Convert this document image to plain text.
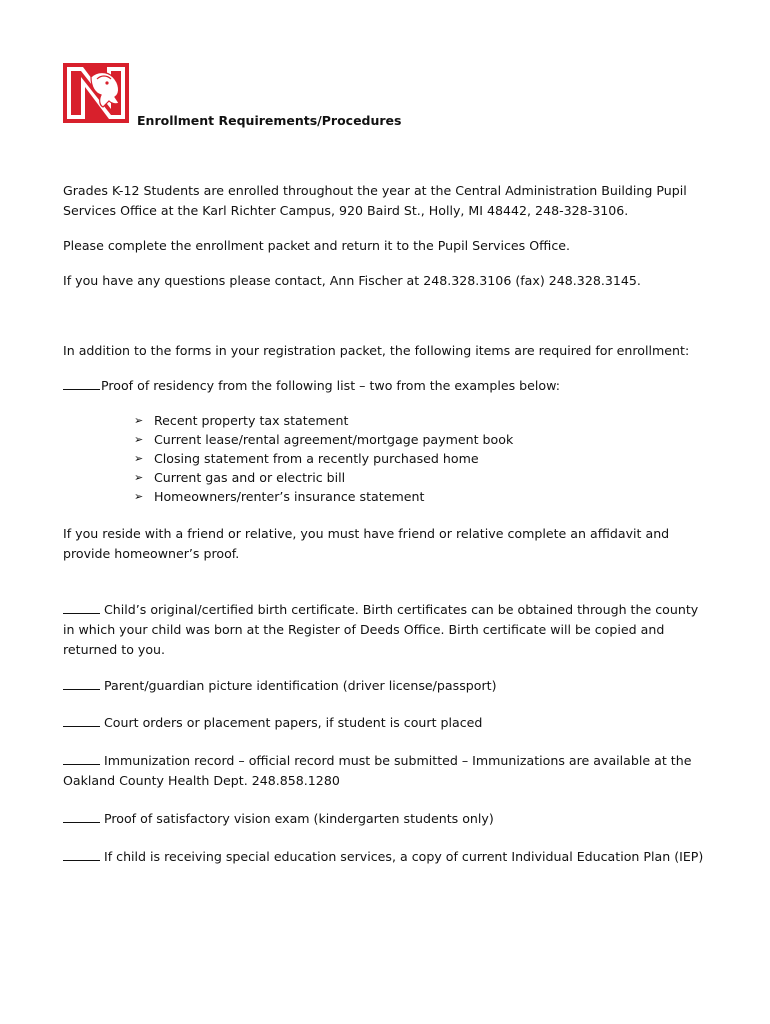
Enrollment Requirements/Procedures

Grades K-12 Students are enrolled throughout the year at the Central Administration Building Pupil Services Office at the Karl Richter Campus, 920 Baird St., Holly, MI 48442, 248-328-3106.

Please complete the enrollment packet and return it to the Pupil Services Office.

If you have any questions please contact, Ann Fischer at 248.328.3106 (fax) 248.328.3145.

In addition to the forms in your registration packet, the following items are required for enrollment:

Proof of residency from the following list – two from the examples below:

➢ Recent property tax statement
➢ Current lease/rental agreement/mortgage payment book
➢ Closing statement from a recently purchased home
➢ Current gas and or electric bill
➢ Homeowners/renter’s insurance statement

If you reside with a friend or relative, you must have friend or relative complete an affidavit and provide homeowner’s proof.

Child’s original/certified birth certificate. Birth certificates can be obtained through the county in which your child was born at the Register of Deeds Office. Birth certificate will be copied and returned to you.

Parent/guardian picture identification (driver license/passport)

Court orders or placement papers, if student is court placed

Immunization record – official record must be submitted – Immunizations are available at the Oakland County Health Dept. 248.858.1280

Proof of satisfactory vision exam (kindergarten students only)

If child is receiving special education services, a copy of current Individual Education Plan (IEP)
